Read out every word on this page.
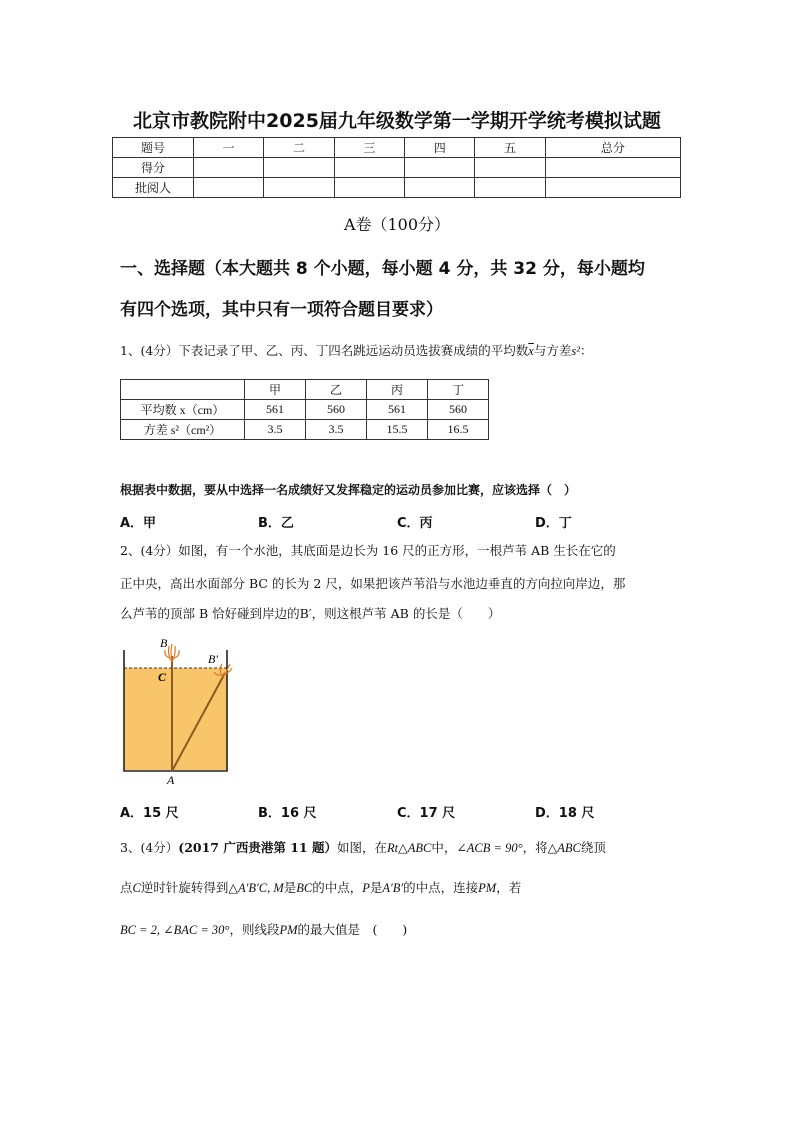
北京市教院附中2025届九年级数学第一学期开学统考模拟试题
题号	一	二	三	四	五	总分
得分						
批阅人						
A卷（100分）
一、选择题（本大题共 8 个小题，每小题 4 分，共 32 分，每小题均
有四个选项，其中只有一项符合题目要求）
1、(4分）下表记录了甲、乙、丙、丁四名跳远运动员选拔赛成绩的平均数$\overline{x}$与方差s²：
	甲	乙	丙	丁
平均数 x（cm）	561	560	561	560
方差 s²（cm²）	3.5	3.5	15.5	16.5
根据表中数据，要从中选择一名成绩好又发挥稳定的运动员参加比赛，应该选择（　）
A．甲	B．乙	C．丙	D．丁
2、(4分）如图，有一个水池，其底面是边长为 16 尺的正方形，一根芦苇 AB 生长在它的
正中央，高出水面部分 BC 的长为 2 尺，如果把该芦苇沿与水池边垂直的方向拉向岸边，那
么芦苇的顶部 B 恰好碰到岸边的B′，则这根芦苇 AB 的长是（　　）
B
B′
C
A
A．15 尺	B．16 尺	C．17 尺	D．18 尺
3、(4分）(2017 广西贵港第 11 题）如图，在Rt△ABC中，∠ACB = 90°，将△ABC绕顶
点C逆时针旋转得到△A′B′C, M是BC的中点，P是A′B′的中点，连接PM，若
BC = 2, ∠BAC = 30°，则线段PM的最大值是　(　　)
